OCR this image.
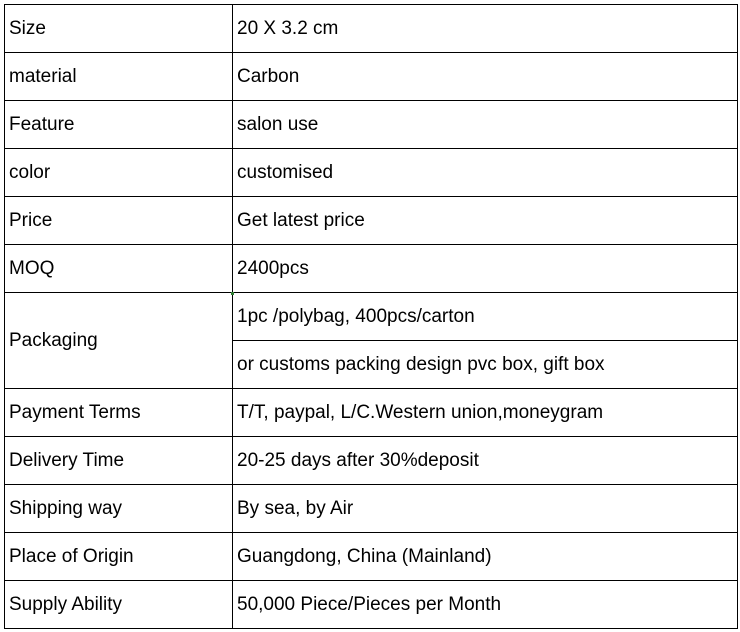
Size	20 X 3.2 cm
material	Carbon
Feature	salon use
color	customised
Price	Get latest price
MOQ	2400pcs
Packaging	1pc /polybag, 400pcs/carton
	or customs packing design pvc box, gift box
Payment Terms	T/T, paypal, L/C.Western union,moneygram
Delivery Time	20-25 days after 30%deposit
Shipping way	By sea, by Air
Place of Origin	Guangdong, China (Mainland)
Supply Ability	50,000 Piece/Pieces per Month
